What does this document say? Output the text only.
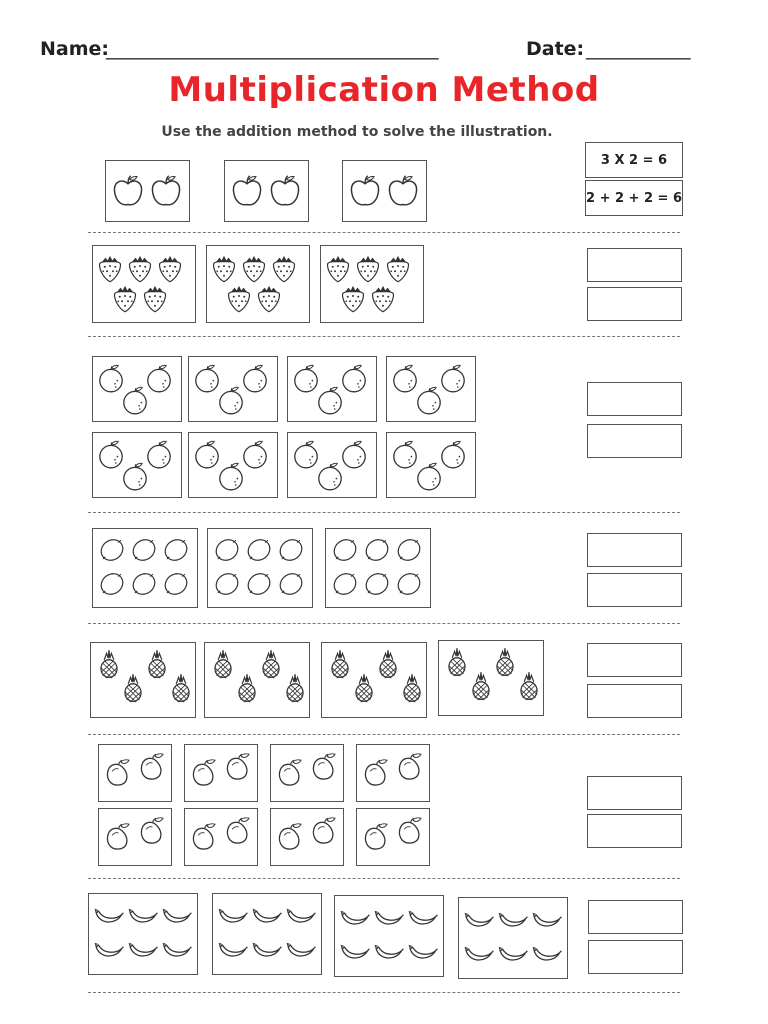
Name:
___________________________________	Date: ___________
Multiplication Method
Use the addition method to solve the illustration.
3 X 2 = 6
2 + 2 + 2 = 6
